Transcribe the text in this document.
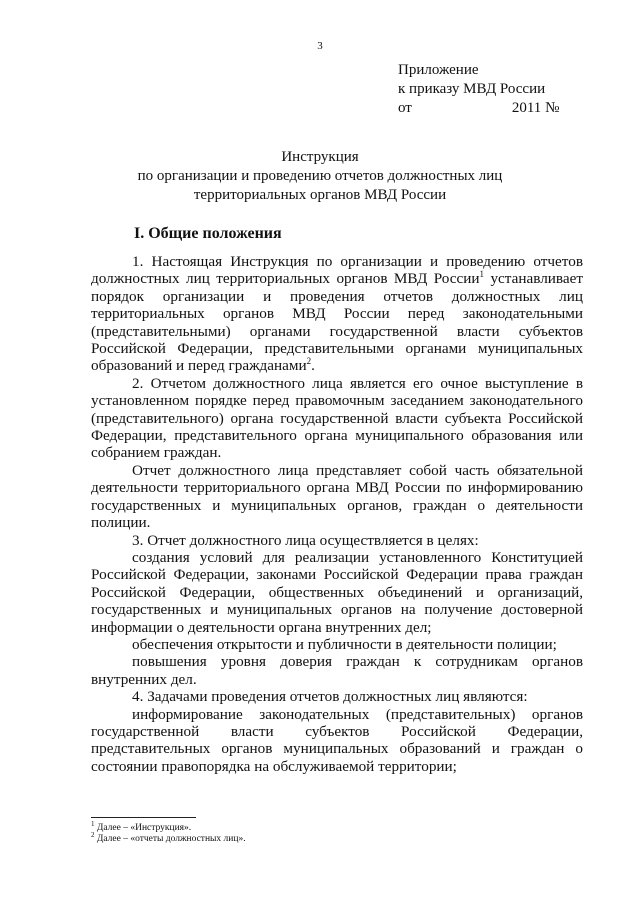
3
Приложение
к приказу МВД России
от	2011 №
Инструкция
по организации и проведению отчетов должностных лиц
территориальных органов МВД России
I. Общие положения

1. Настоящая Инструкция по организации и проведению отчетов должностных лиц территориальных органов МВД России$^1$ устанавливает порядок организации и проведения отчетов должностных лиц территориальных органов МВД России перед законодательными (представительными) органами государственной власти субъектов Российской Федерации, представительными органами муниципальных образований и перед гражданами$^2$.

2. Отчетом должностного лица является его очное выступление в установленном порядке перед правомочным заседанием законодательного (представительного) органа государственной власти субъекта Российской Федерации, представительного органа муниципального образования или собранием граждан.

Отчет должностного лица представляет собой часть обязательной деятельности территориального органа МВД России по информированию государственных и муниципальных органов, граждан о деятельности полиции.

3. Отчет должностного лица осуществляется в целях:

создания условий для реализации установленного Конституцией Российской Федерации, законами Российской Федерации права граждан Российской Федерации, общественных объединений и организаций, государственных и муниципальных органов на получение достоверной информации о деятельности органа внутренних дел;

обеспечения открытости и публичности в деятельности полиции;

повышения уровня доверия граждан к сотрудникам органов внутренних дел.

4. Задачами проведения отчетов должностных лиц являются:

информирование законодательных (представительных) органов государственной власти субъектов Российской Федерации, представительных органов муниципальных образований и граждан о состоянии правопорядка на обслуживаемой территории;

$^1$ Далее – «Инструкция».
$^2$ Далее – «отчеты должностных лиц».
